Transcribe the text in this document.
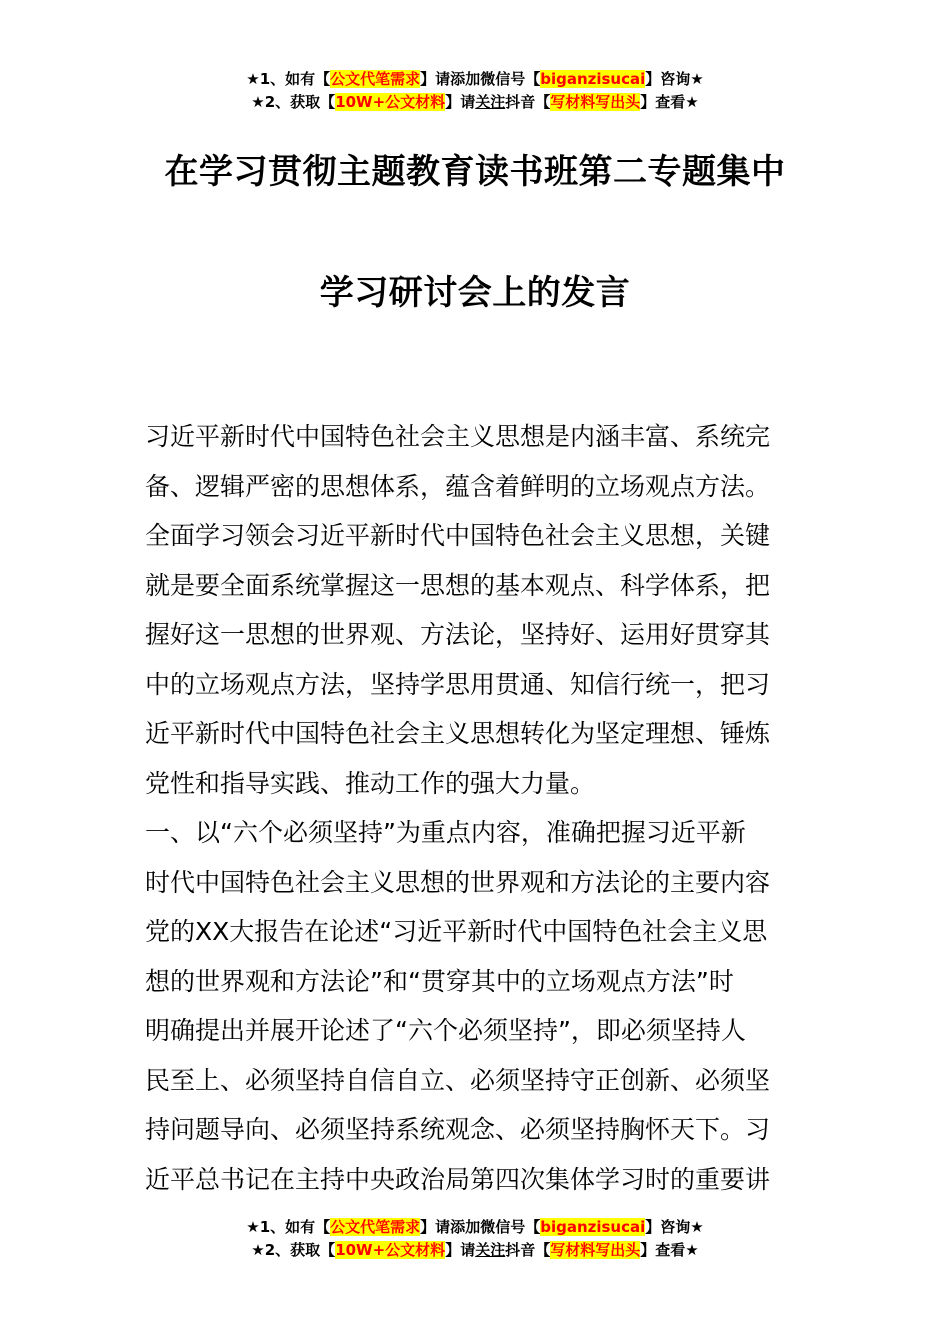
★1、如有【公文代笔需求】请添加微信号【biganzisucai】咨询★
★2、获取【10W+公文材料】请关注抖音【写材料写出头】查看★
在学习贯彻主题教育读书班第二专题集中
学习研讨会上的发言
习近平新时代中国特色社会主义思想是内涵丰富、系统完
备、逻辑严密的思想体系，蕴含着鲜明的立场观点方法。
全面学习领会习近平新时代中国特色社会主义思想，关键
就是要全面系统掌握这一思想的基本观点、科学体系，把
握好这一思想的世界观、方法论，坚持好、运用好贯穿其
中的立场观点方法，坚持学思用贯通、知信行统一，把习
近平新时代中国特色社会主义思想转化为坚定理想、锤炼
党性和指导实践、推动工作的强大力量。
一、以“六个必须坚持”为重点内容，准确把握习近平新
时代中国特色社会主义思想的世界观和方法论的主要内容
党的XX大报告在论述“习近平新时代中国特色社会主义思
想的世界观和方法论”和“贯穿其中的立场观点方法”时
明确提出并展开论述了“六个必须坚持”，即必须坚持人
民至上、必须坚持自信自立、必须坚持守正创新、必须坚
持问题导向、必须坚持系统观念、必须坚持胸怀天下。习
近平总书记在主持中央政治局第四次集体学习时的重要讲
★1、如有【公文代笔需求】请添加微信号【biganzisucai】咨询★
★2、获取【10W+公文材料】请关注抖音【写材料写出头】查看★
